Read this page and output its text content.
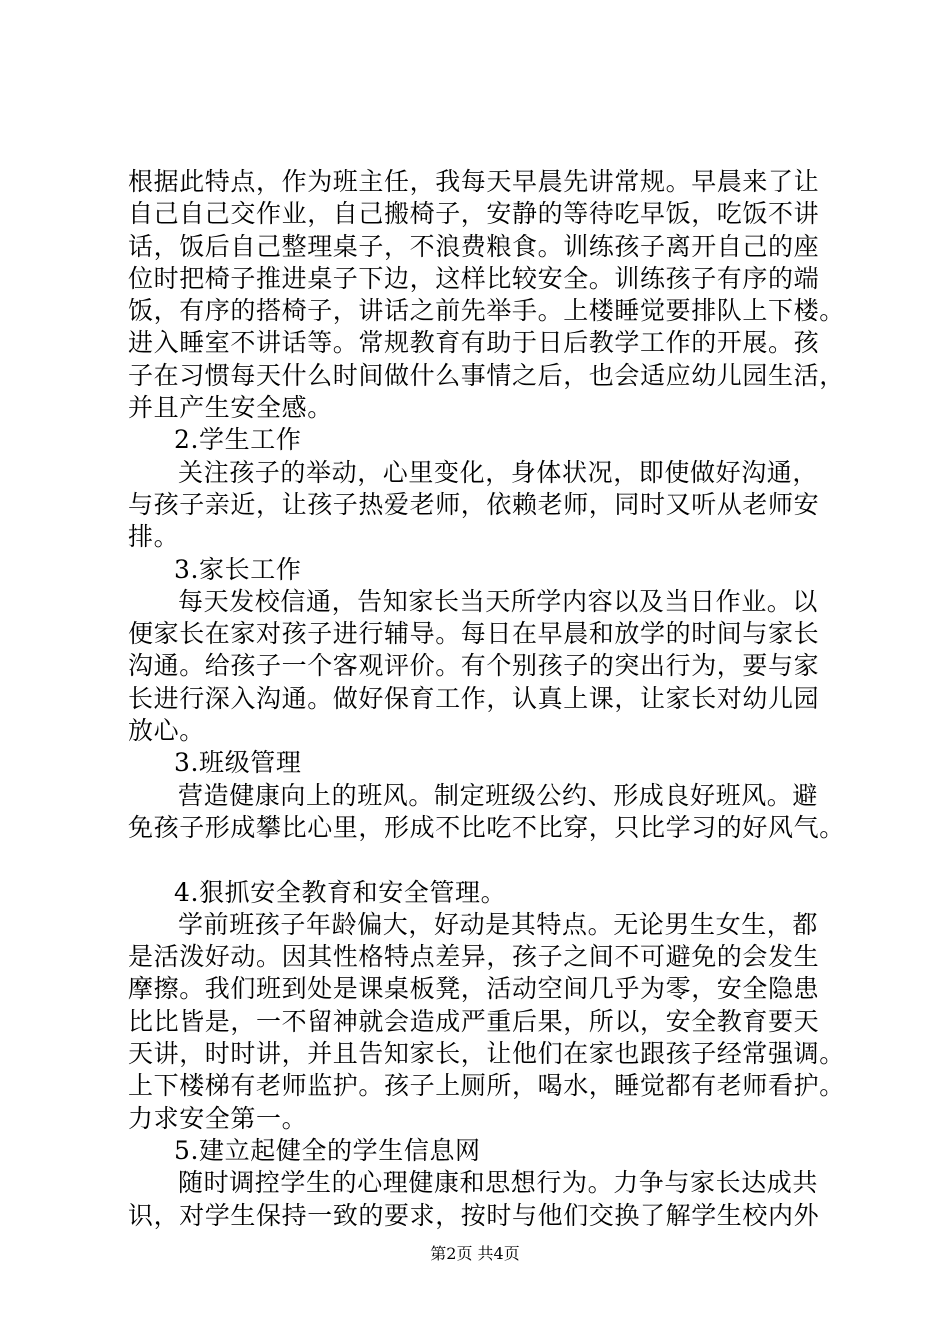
根据此特点，作为班主任，我每天早晨先讲常规。早晨来了让
自己自己交作业，自己搬椅子，安静的等待吃早饭，吃饭不讲
话，饭后自己整理桌子，不浪费粮食。训练孩子离开自己的座
位时把椅子推进桌子下边，这样比较安全。训练孩子有序的端
饭，有序的搭椅子，讲话之前先举手。上楼睡觉要排队上下楼。
进入睡室不讲话等。常规教育有助于日后教学工作的开展。孩
子在习惯每天什么时间做什么事情之后，也会适应幼儿园生活，
并且产生安全感。
2.学生工作
关注孩子的举动，心里变化，身体状况，即使做好沟通，
与孩子亲近，让孩子热爱老师，依赖老师，同时又听从老师安
排。
3.家长工作
每天发校信通，告知家长当天所学内容以及当日作业。以
便家长在家对孩子进行辅导。每日在早晨和放学的时间与家长
沟通。给孩子一个客观评价。有个别孩子的突出行为，要与家
长进行深入沟通。做好保育工作，认真上课，让家长对幼儿园
放心。
3.班级管理
营造健康向上的班风。制定班级公约、形成良好班风。避
免孩子形成攀比心里，形成不比吃不比穿，只比学习的好风气。
4.狠抓安全教育和安全管理。
学前班孩子年龄偏大，好动是其特点。无论男生女生，都
是活泼好动。因其性格特点差异，孩子之间不可避免的会发生
摩擦。我们班到处是课桌板凳，活动空间几乎为零，安全隐患
比比皆是，一不留神就会造成严重后果，所以，安全教育要天
天讲，时时讲，并且告知家长，让他们在家也跟孩子经常强调。
上下楼梯有老师监护。孩子上厕所，喝水，睡觉都有老师看护。
力求安全第一。
5.建立起健全的学生信息网
随时调控学生的心理健康和思想行为。力争与家长达成共
识，对学生保持一致的要求，按时与他们交换了解学生校内外
第2页 共4页
